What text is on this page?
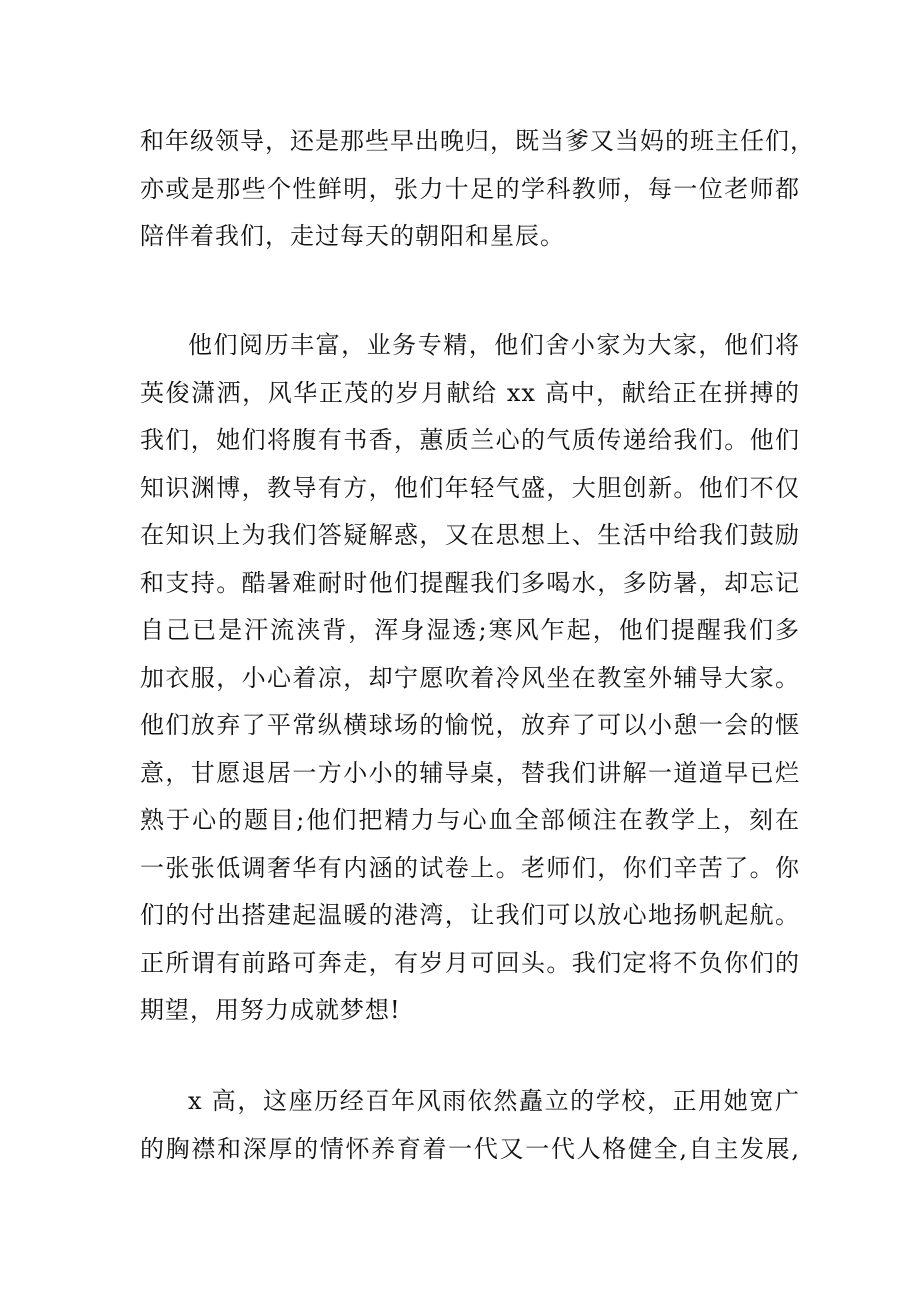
和年级领导，还是那些早出晚归，既当爹又当妈的班主任们，
亦或是那些个性鲜明，张力十足的学科教师，每一位老师都
陪伴着我们，走过每天的朝阳和星辰。

他们阅历丰富，业务专精，他们舍小家为大家，他们将
英俊潇洒，风华正茂的岁月献给 xx 高中，献给正在拼搏的
我们，她们将腹有书香，蕙质兰心的气质传递给我们。他们
知识渊博，教导有方，他们年轻气盛，大胆创新。他们不仅
在知识上为我们答疑解惑，又在思想上、生活中给我们鼓励
和支持。酷暑难耐时他们提醒我们多喝水，多防暑，却忘记
自己已是汗流浃背，浑身湿透;寒风乍起，他们提醒我们多
加衣服，小心着凉，却宁愿吹着冷风坐在教室外辅导大家。
他们放弃了平常纵横球场的愉悦，放弃了可以小憩一会的惬
意，甘愿退居一方小小的辅导桌，替我们讲解一道道早已烂
熟于心的题目;他们把精力与心血全部倾注在教学上，刻在
一张张低调奢华有内涵的试卷上。老师们，你们辛苦了。你
们的付出搭建起温暖的港湾，让我们可以放心地扬帆起航。
正所谓有前路可奔走，有岁月可回头。我们定将不负你们的
期望，用努力成就梦想!

x 高，这座历经百年风雨依然矗立的学校，正用她宽广
的胸襟和深厚的情怀养育着一代又一代人格健全,自主发展,
